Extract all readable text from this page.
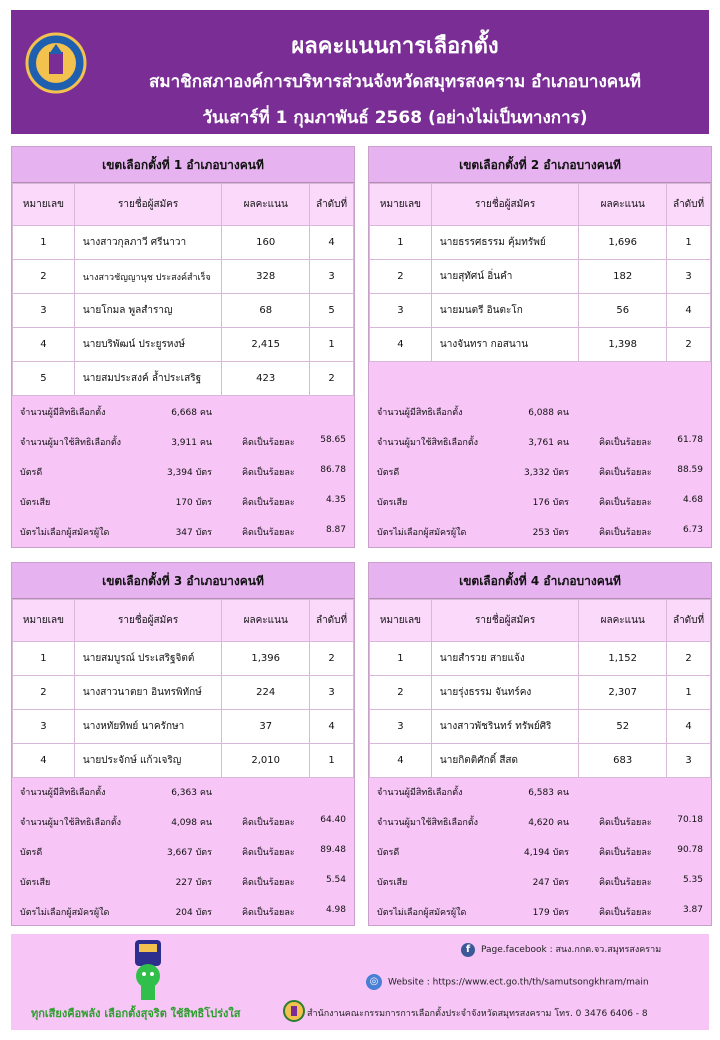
ผลคะแนนการเลือกตั้ง
สมาชิกสภาองค์การบริหารส่วนจังหวัดสมุทรสงคราม อำเภอบางคนที
วันเสาร์ที่ 1 กุมภาพันธ์ 2568 (อย่างไม่เป็นทางการ)
เขตเลือกตั้งที่ 1 อำเภอบางคนที
หมายเลข	รายชื่อผู้สมัคร	ผลคะแนน	ลำดับที่
1	นางสาวกุลภาวี ศรีนาวา	160	4
2	นางสาวชัญญานุช ประสงค์สำเร็จ	328	3
3	นายโกมล พูลสำราญ	68	5
4	นายบริพัฒน์ ประยูรหงษ์	2,415	1
5	นายสมประสงค์ ล้ำประเสริฐ	423	2
จำนวนผู้มีสิทธิเลือกตั้ง	6,668 คน
จำนวนผู้มาใช้สิทธิเลือกตั้ง	3,911 คน	คิดเป็นร้อยละ	58.65
บัตรดี	3,394 บัตร	คิดเป็นร้อยละ	86.78
บัตรเสีย	170 บัตร	คิดเป็นร้อยละ	4.35
บัตรไม่เลือกผู้สมัครผู้ใด	347 บัตร	คิดเป็นร้อยละ	8.87
เขตเลือกตั้งที่ 2 อำเภอบางคนที
หมายเลข	รายชื่อผู้สมัคร	ผลคะแนน	ลำดับที่
1	นายธรรศธรรม คุ้มทรัพย์	1,696	1
2	นายสุทัศน์ อิ่นคำ	182	3
3	นายมนตรี อินตะโก	56	4
4	นางจันทรา กอสนาน	1,398	2
จำนวนผู้มีสิทธิเลือกตั้ง	6,088 คน
จำนวนผู้มาใช้สิทธิเลือกตั้ง	3,761 คน	คิดเป็นร้อยละ	61.78
บัตรดี	3,332 บัตร	คิดเป็นร้อยละ	88.59
บัตรเสีย	176 บัตร	คิดเป็นร้อยละ	4.68
บัตรไม่เลือกผู้สมัครผู้ใด	253 บัตร	คิดเป็นร้อยละ	6.73
เขตเลือกตั้งที่ 3 อำเภอบางคนที
หมายเลข	รายชื่อผู้สมัคร	ผลคะแนน	ลำดับที่
1	นายสมบูรณ์ ประเสริฐจิตต์	1,396	2
2	นางสาวนาตยา อินทรพิทักษ์	224	3
3	นางหทัยทิพย์ นาครักษา	37	4
4	นายประจักษ์ แก้วเจริญ	2,010	1
จำนวนผู้มีสิทธิเลือกตั้ง	6,363 คน
จำนวนผู้มาใช้สิทธิเลือกตั้ง	4,098 คน	คิดเป็นร้อยละ	64.40
บัตรดี	3,667 บัตร	คิดเป็นร้อยละ	89.48
บัตรเสีย	227 บัตร	คิดเป็นร้อยละ	5.54
บัตรไม่เลือกผู้สมัครผู้ใด	204 บัตร	คิดเป็นร้อยละ	4.98
เขตเลือกตั้งที่ 4 อำเภอบางคนที
หมายเลข	รายชื่อผู้สมัคร	ผลคะแนน	ลำดับที่
1	นายสำรวย สายแจ้ง	1,152	2
2	นายรุ่งธรรม จันทร์คง	2,307	1
3	นางสาวพัชรินทร์ ทรัพย์ศิริ	52	4
4	นายกิตติศักดิ์ สีสด	683	3
จำนวนผู้มีสิทธิเลือกตั้ง	6,583 คน
จำนวนผู้มาใช้สิทธิเลือกตั้ง	4,620 คน	คิดเป็นร้อยละ	70.18
บัตรดี	4,194 บัตร	คิดเป็นร้อยละ	90.78
บัตรเสีย	247 บัตร	คิดเป็นร้อยละ	5.35
บัตรไม่เลือกผู้สมัครผู้ใด	179 บัตร	คิดเป็นร้อยละ	3.87
ทุกเสียงคือพลัง เลือกตั้งสุจริต ใช้สิทธิโปร่งใส
f Page.facebook : สนง.กกต.จว.สมุทรสงคราม
◎ Website : https://www.ect.go.th/th/samutsongkhram/main
สำนักงานคณะกรรมการการเลือกตั้งประจำจังหวัดสมุทรสงคราม โทร. 0 3476 6406 - 8
